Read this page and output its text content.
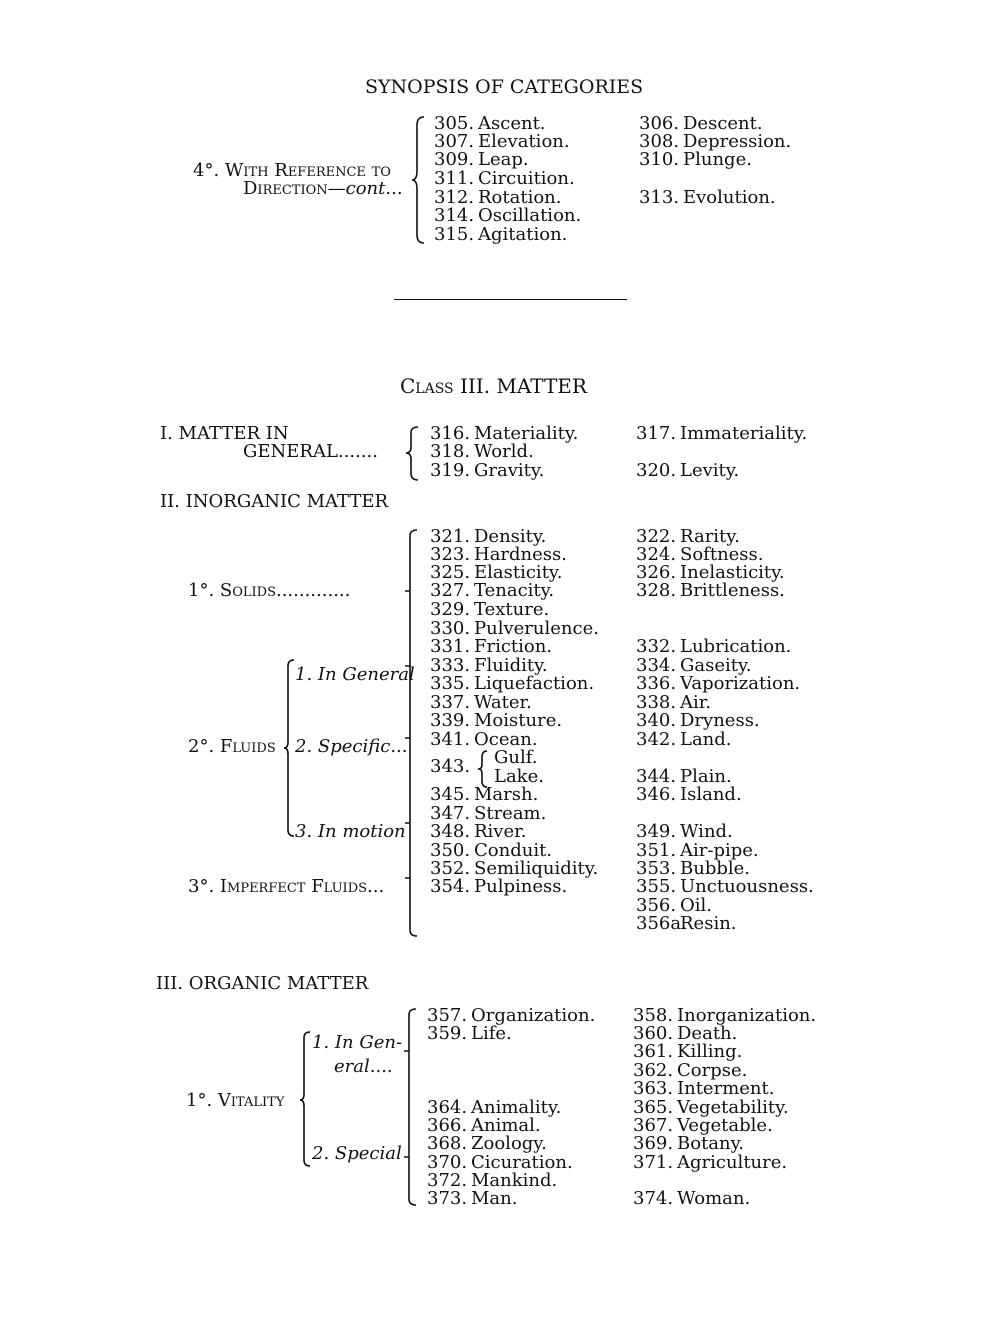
SYNOPSIS OF CATEGORIES
4°. With Reference to
Direction—cont...
305. Ascent.
307. Elevation.
309. Leap.
311. Circuition.
312. Rotation.
314. Oscillation.
315. Agitation.
306. Descent.
308. Depression.
310. Plunge.
313. Evolution.
Class III. MATTER
I. MATTER IN
GENERAL.......
316. Materiality.
318. World.
319. Gravity.
317. Immateriality.
320. Levity.
II. INORGANIC MATTER
1°. Solids.............
2°. Fluids
1. In General
2. Specific...
3. In motion
3°. Imperfect Fluids...
321. Density.
323. Hardness.
325. Elasticity.
327. Tenacity.
329. Texture.
330. Pulverulence.
331. Friction.
333. Fluidity.
335. Liquefaction.
337. Water.
339. Moisture.
341. Ocean.
343. Gulf.
Lake.
345. Marsh.
347. Stream.
348. River.
350. Conduit.
352. Semiliquidity.
354. Pulpiness.
322. Rarity.
324. Softness.
326. Inelasticity.
328. Brittleness.
332. Lubrication.
334. Gaseity.
336. Vaporization.
338. Air.
340. Dryness.
342. Land.
344. Plain.
346. Island.
349. Wind.
351. Air-pipe.
353. Bubble.
355. Unctuousness.
356. Oil.
356a.Resin.
III. ORGANIC MATTER
1°. Vitality
1. In Gen-
eral....
2. Special
357. Organization.
359. Life.
364. Animality.
366. Animal.
368. Zoology.
370. Cicuration.
372. Mankind.
373. Man.
358. Inorganization.
360. Death.
361. Killing.
362. Corpse.
363. Interment.
365. Vegetability.
367. Vegetable.
369. Botany.
371. Agriculture.
374. Woman.
